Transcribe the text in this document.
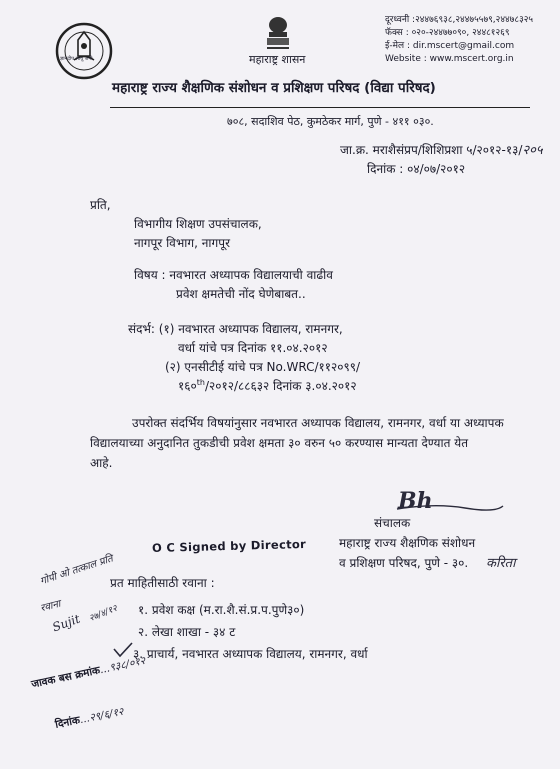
ज्ञानदीप लावू जगी	महाराष्ट्र शासन
दूरध्वनी :२४४७६९३८,२४४७५५७९,२४४७८३२५
फॅक्स : ०२०-२४४७७०९०, २४४८१२६९
ई-मेल : dir.mscert@gmail.com
Website : www.mscert.org.in
महाराष्ट्र राज्य शैक्षणिक संशोधन व प्रशिक्षण परिषद (विद्या परिषद)
७०८, सदाशिव पेठ, कुमठेकर मार्ग, पुणे - ४११ ०३०.
जा.क्र. मराशैसंप्रप/शिशिप्रशा ५/२०१२-१३/२०५
दिनांक : ०४/०७/२०१२
प्रति,
विभागीय शिक्षण उपसंचालक,
नागपूर विभाग, नागपूर
विषय : नवभारत अध्यापक विद्यालयाची वाढीव
प्रवेश क्षमतेची नोंद घेणेबाबत..
संदर्भ: (१) नवभारत अध्यापक विद्यालय, रामनगर,
वर्धा यांचे पत्र दिनांक ११.०४.२०१२
(२) एनसीटीई यांचे पत्र No.WRC/११२०९९/
१६०th/२०१२/८८६३२ दिनांक ३.०४.२०१२
उपरोक्त संदर्भिय विषयांनुसार नवभारत अध्यापक विद्यालय, रामनगर, वर्धा या अध्यापक
विद्यालयाच्या अनुदानित तुकडीची प्रवेश क्षमता ३० वरुन ५० करण्यास मान्यता देण्यात येत
आहे.
Bh
संचालक
महाराष्ट्र राज्य शैक्षणिक संशोधन
व प्रशिक्षण परिषद, पुणे - ३०. करिता
O C Signed by Director
प्रत माहितीसाठी रवाना :
१. प्रवेश कक्ष (म.रा.शै.सं.प्र.प.पुणे३०)
२. लेखा शाखा - ३४ ट
३. प्राचार्य, नवभारत अध्यापक विद्यालय, रामनगर, वर्धा
गोपी ओ तत्काल प्रति
रवाना
Sujit २७/४/१२
जावक बस क्रमांक...९३८/०१२
दिनांक...२९/६/१२
